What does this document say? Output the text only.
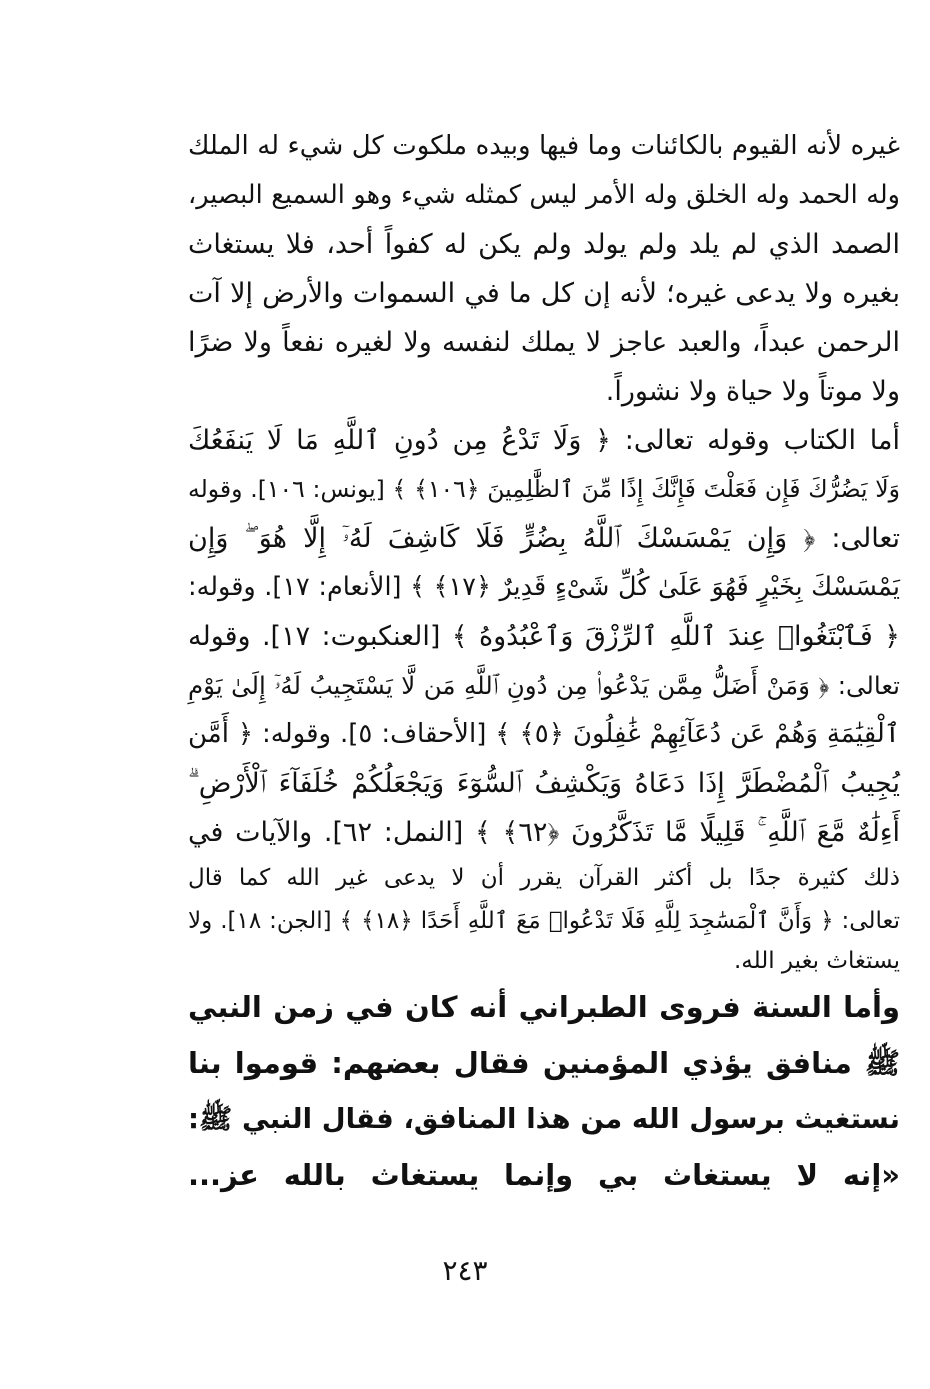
غيره لأنه القيوم بالكائنات وما فيها وبيده ملكوت كل شيء له الملك
وله الحمد وله الخلق وله الأمر ليس كمثله شيء وهو السميع البصير،
الصمد الذي لم يلد ولم يولد ولم يكن له كفواً أحد، فلا يستغاث
بغيره ولا يدعى غيره؛ لأنه إن كل ما في السموات والأرض إلا آت
الرحمن عبداً، والعبد عاجز لا يملك لنفسه ولا لغيره نفعاً ولا ضرًا
ولا موتاً ولا حياة ولا نشوراً.
أما الكتاب وقوله تعالى: ﴿ وَلَا تَدْعُ مِن دُونِ ٱللَّهِ مَا لَا يَنفَعُكَ
وَلَا يَضُرُّكَ فَإِن فَعَلْتَ فَإِنَّكَ إِذًا مِّنَ ٱلظَّٰلِمِينَ ﴿١٠٦﴾ ﴾ [يونس: ١٠٦]. وقوله
تعالى: ﴿ وَإِن يَمْسَسْكَ ٱللَّهُ بِضُرٍّ فَلَا كَاشِفَ لَهُۥٓ إِلَّا هُوَ ۖ وَإِن
يَمْسَسْكَ بِخَيْرٍ فَهُوَ عَلَىٰ كُلِّ شَىْءٍ قَدِيرٌ ﴿١٧﴾ ﴾ [الأنعام: ١٧]. وقوله:
﴿ فَٱبْتَغُوا۟ عِندَ ٱللَّهِ ٱلرِّزْقَ وَٱعْبُدُوهُ ﴾ [العنكبوت: ١٧]. وقوله
تعالى: ﴿ وَمَنْ أَضَلُّ مِمَّن يَدْعُوا۟ مِن دُونِ ٱللَّهِ مَن لَّا يَسْتَجِيبُ لَهُۥٓ إِلَىٰ يَوْمِ
ٱلْقِيَٰمَةِ وَهُمْ عَن دُعَآئِهِمْ غَٰفِلُونَ ﴿٥﴾ ﴾ [الأحقاف: ٥]. وقوله: ﴿ أَمَّن
يُجِيبُ ٱلْمُضْطَرَّ إِذَا دَعَاهُ وَيَكْشِفُ ٱلسُّوٓءَ وَيَجْعَلُكُمْ خُلَفَآءَ ٱلْأَرْضِ ۗ
أَءِلَٰهٌ مَّعَ ٱللَّهِ ۚ قَلِيلًا مَّا تَذَكَّرُونَ ﴿٦٢﴾ ﴾ [النمل: ٦٢]. والآيات في
ذلك كثيرة جدًا بل أكثر القرآن يقرر أن لا يدعى غير الله كما قال
تعالى: ﴿ وَأَنَّ ٱلْمَسَٰجِدَ لِلَّهِ فَلَا تَدْعُوا۟ مَعَ ٱللَّهِ أَحَدًا ﴿١٨﴾ ﴾ [الجن: ١٨]. ولا
يستغاث بغير الله.
وأما السنة فروى الطبراني أنه كان في زمن النبي
ﷺ منافق يؤذي المؤمنين فقال بعضهم: قوموا بنا
نستغيث برسول الله من هذا المنافق، فقال النبي ﷺ:
«إنه لا يستغاث بي وإنما يستغاث بالله عز...
٢٤٣
